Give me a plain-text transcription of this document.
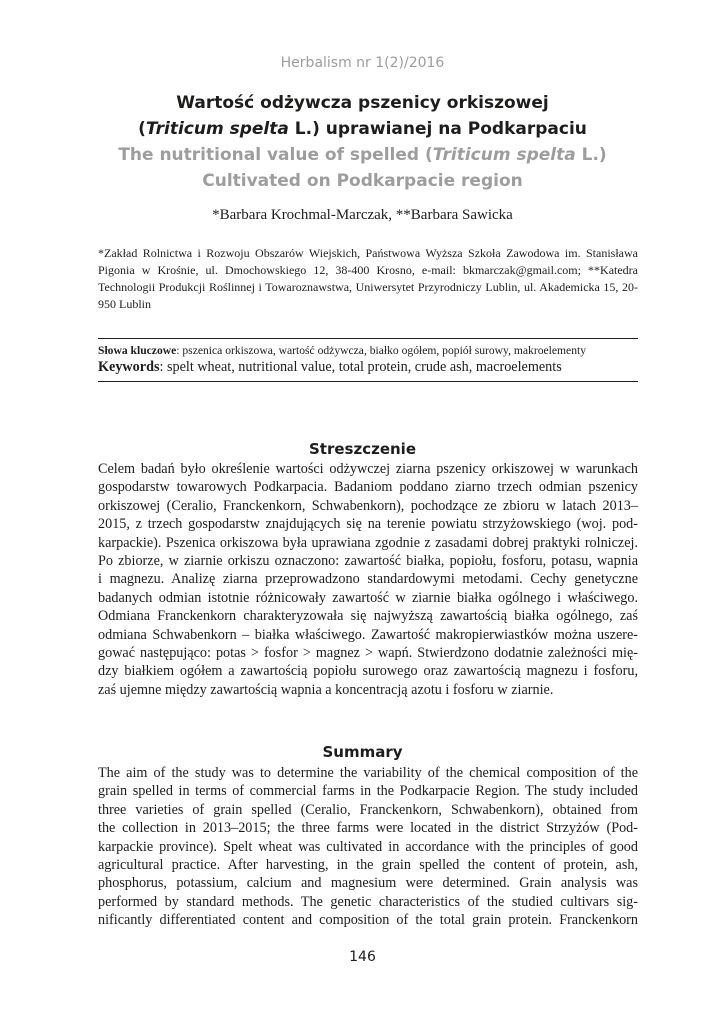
Herbalism nr 1(2)/2016
Wartość odżywcza pszenicy orkiszowej
(Triticum spelta L.) uprawianej na Podkarpaciu
The nutritional value of spelled (Triticum spelta L.)
Cultivated on Podkarpacie region
*Barbara Krochmal-Marczak, **Barbara Sawicka
*Zakład Rolnictwa i Rozwoju Obszarów Wiejskich, Państwowa Wyższa Szkoła Zawodowa im. Stanisława Pigonia w Krośnie, ul. Dmochowskiego 12, 38-400 Krosno, e-mail: bkmarczak@gmail.com; **Katedra Technologii Produkcji Roślinnej i Towaroznawstwa, Uniwersytet Przyrodniczy Lublin, ul. Akademicka 15, 20-950 Lublin
Słowa kluczowe: pszenica orkiszowa, wartość odżywcza, białko ogółem, popiół surowy, makroelementy
Keywords: spelt wheat, nutritional value, total protein, crude ash, macroelements
Streszczenie
Celem badań było określenie wartości odżywczej ziarna pszenicy orkiszowej w warunkach
gospodarstw towarowych Podkarpacia. Badaniom poddano ziarno trzech odmian pszenicy
orkiszowej (Ceralio, Franckenkorn, Schwabenkorn), pochodzące ze zbioru w latach 2013–
2015, z trzech gospodarstw znajdujących się na terenie powiatu strzyżowskiego (woj. pod-
karpackie). Pszenica orkiszowa była uprawiana zgodnie z zasadami dobrej praktyki rolniczej.
Po zbiorze, w ziarnie orkiszu oznaczono: zawartość białka, popiołu, fosforu, potasu, wapnia
i magnezu. Analizę ziarna przeprowadzono standardowymi metodami. Cechy genetyczne
badanych odmian istotnie różnicowały zawartość w ziarnie białka ogólnego i właściwego.
Odmiana Franckenkorn charakteryzowała się najwyższą zawartością białka ogólnego, zaś
odmiana Schwabenkorn – białka właściwego. Zawartość makropierwiastków można uszere-
gować następująco: potas > fosfor > magnez > wapń. Stwierdzono dodatnie zależności mię-
dzy białkiem ogółem a zawartością popiołu surowego oraz zawartością magnezu i fosforu,
zaś ujemne między zawartością wapnia a koncentracją azotu i fosforu w ziarnie.
Summary
The aim of the study was to determine the variability of the chemical composition of the
grain spelled in terms of commercial farms in the Podkarpacie Region. The study included
three varieties of grain spelled (Ceralio, Franckenkorn, Schwabenkorn), obtained from
the collection in 2013–2015; the three farms were located in the district Strzyżów (Pod-
karpackie province). Spelt wheat was cultivated in accordance with the principles of good
agricultural practice. After harvesting, in the grain spelled the content of protein, ash,
phosphorus, potassium, calcium and magnesium were determined. Grain analysis was
performed by standard methods. The genetic characteristics of the studied cultivars sig-
nificantly differentiated content and composition of the total grain protein. Franckenkorn
146
